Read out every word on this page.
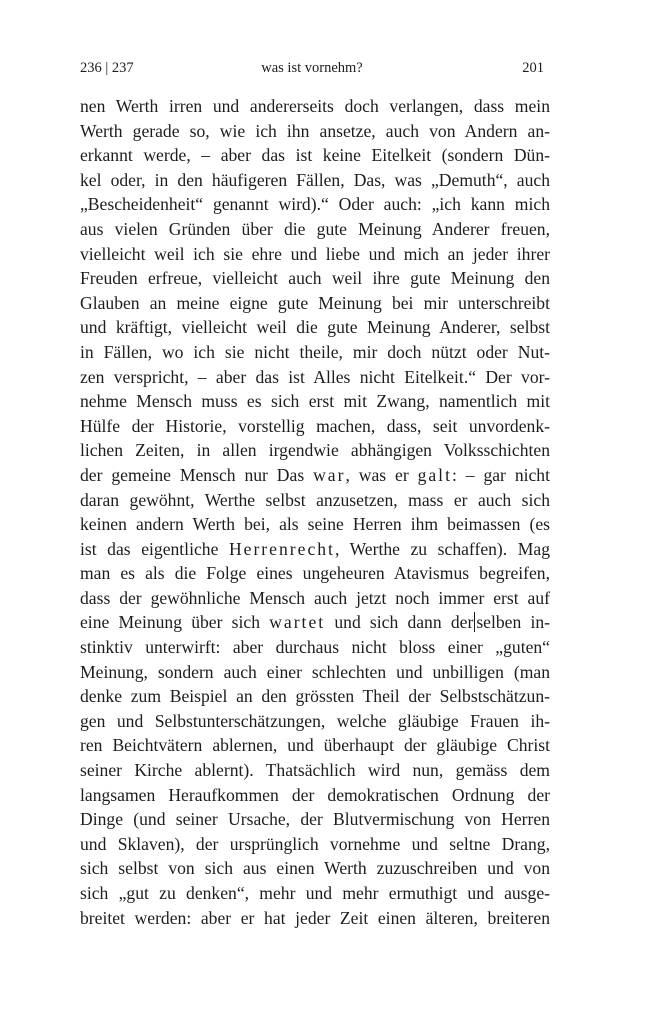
236 | 237	was ist vornehm?	201
nen Werth irren und andererseits doch verlangen, dass mein
Werth gerade so, wie ich ihn ansetze, auch von Andern an-
erkannt werde, – aber das ist keine Eitelkeit (sondern Dün-
kel oder, in den häufigeren Fällen, Das, was „Demuth“, auch
„Bescheidenheit“ genannt wird).“ Oder auch: „ich kann mich
aus vielen Gründen über die gute Meinung Anderer freuen,
vielleicht weil ich sie ehre und liebe und mich an jeder ihrer
Freuden erfreue, vielleicht auch weil ihre gute Meinung den
Glauben an meine eigne gute Meinung bei mir unterschreibt
und kräftigt, vielleicht weil die gute Meinung Anderer, selbst
in Fällen, wo ich sie nicht theile, mir doch nützt oder Nut-
zen verspricht, – aber das ist Alles nicht Eitelkeit.“ Der vor-
nehme Mensch muss es sich erst mit Zwang, namentlich mit
Hülfe der Historie, vorstellig machen, dass, seit unvordenk-
lichen Zeiten, in allen irgendwie abhängigen Volksschichten
der gemeine Mensch nur Das war, was er galt: – gar nicht
daran gewöhnt, Werthe selbst anzusetzen, mass er auch sich
keinen andern Werth bei, als seine Herren ihm beimassen (es
ist das eigentliche Herrenrecht, Werthe zu schaffen). Mag
man es als die Folge eines ungeheuren Atavismus begreifen,
dass der gewöhnliche Mensch auch jetzt noch immer erst auf
eine Meinung über sich wartet und sich dann der selben in-
stinktiv unterwirft: aber durchaus nicht bloss einer „guten“
Meinung, sondern auch einer schlechten und unbilligen (man
denke zum Beispiel an den grössten Theil der Selbstschätzun-
gen und Selbstunterschätzungen, welche gläubige Frauen ih-
ren Beichtvätern ablernen, und überhaupt der gläubige Christ
seiner Kirche ablernt). Thatsächlich wird nun, gemäss dem
langsamen Heraufkommen der demokratischen Ordnung der
Dinge (und seiner Ursache, der Blutvermischung von Herren
und Sklaven), der ursprünglich vornehme und seltne Drang,
sich selbst von sich aus einen Werth zuzuschreiben und von
sich „gut zu denken“, mehr und mehr ermuthigt und ausge-
breitet werden: aber er hat jeder Zeit einen älteren, breiteren
